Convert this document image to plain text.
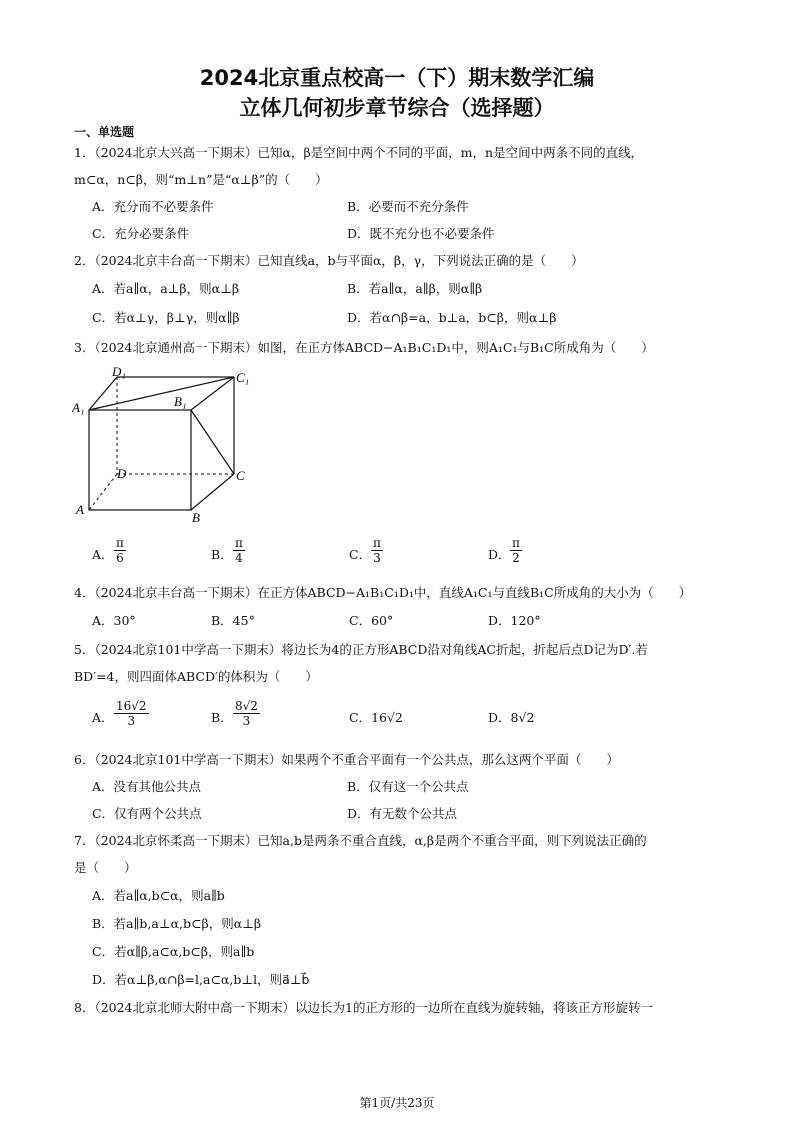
2024北京重点校高一（下）期末数学汇编
立体几何初步章节综合（选择题）
一、单选题
1．（2024北京大兴高一下期末）已知α，β是空间中两个不同的平面，m，n是空间中两条不同的直线，
m⊂α，n⊂β，则“m⊥n”是“α⊥β”的（　　）
A．充分而不必要条件	B．必要而不充分条件
C．充分必要条件	D．既不充分也不必要条件
2．（2024北京丰台高一下期末）已知直线a，b与平面α，β，γ，下列说法正确的是（　　）
A．若a∥α，a⊥β，则α⊥β	B．若a∥α，a∥β，则α∥β
C．若α⊥γ，β⊥γ，则α∥β	D．若α∩β=a，b⊥a，b⊂β，则α⊥β
3．（2024北京通州高一下期末）如图，在正方体ABCD−A₁B₁C₁D₁中，则A₁C₁与B₁C所成角为（　　）
D₁	C₁
A₁	B₁
D	C
A
B
A． $\frac{\pi}{6}$	B． $\frac{\pi}{4}$	C． $\frac{\pi}{3}$	D． $\frac{\pi}{2}$
4．（2024北京丰台高一下期末）在正方体ABCD−A₁B₁C₁D₁中，直线A₁C₁与直线B₁C所成角的大小为（　　）
A．30°	B．45°	C．60°	D．120°
5．（2024北京101中学高一下期末）将边长为4的正方形ABCD沿对角线AC折起，折起后点D记为D′.若
BD′=4，则四面体ABCD′的体积为（　　）
A． $\frac{16√2}{3}$	B． $\frac{8√2}{3}$	C．16√2	D．8√2
6．（2024北京101中学高一下期末）如果两个不重合平面有一个公共点，那么这两个平面（　　）
A．没有其他公共点	B．仅有这一个公共点
C．仅有两个公共点	D．有无数个公共点
7．（2024北京怀柔高一下期末）已知a,b是两条不重合直线，α,β是两个不重合平面，则下列说法正确的
是（　　）
A．若a∥α,b⊂α，则a∥b
B．若a∥b,a⊥α,b⊂β，则α⊥β
C．若α∥β,a⊂α,b⊂β，则a∥b
D．若α⊥β,α∩β=l,a⊂α,b⊥l，则a⃗⊥b⃗
8．（2024北京北师大附中高一下期末）以边长为1的正方形的一边所在直线为旋转轴，将该正方形旋转一
第1页/共23页
